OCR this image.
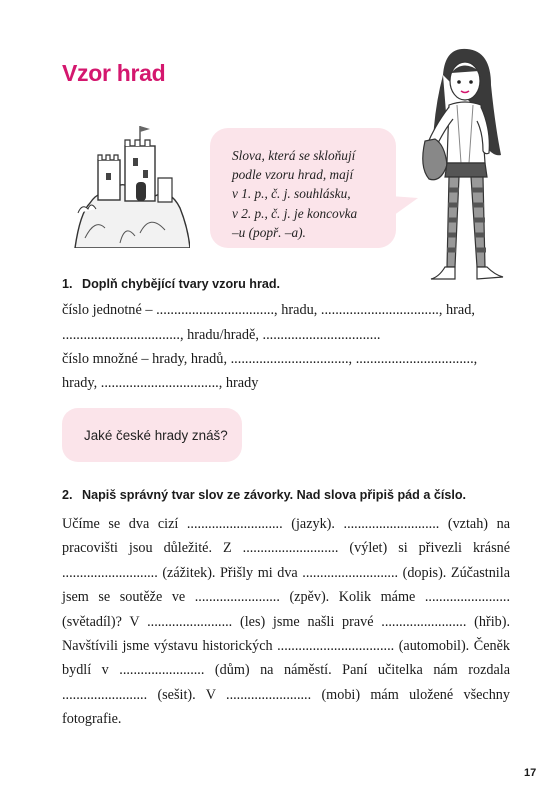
Vzor hrad
Slova, která se skloňují
podle vzoru hrad, mají
v 1. p., č. j. souhlásku,
v 2. p., č. j. je koncovka
–u (popř. –a).
1. Doplň chybějící tvary vzoru hrad.
číslo jednotné – ................................., hradu, ................................., hrad,
................................., hradu/hradě, .................................
číslo množné – hrady, hradů, ................................., .................................,
hrady, ................................., hrady
Jaké české hrady znáš?
2. Napiš správný tvar slov ze závorky. Nad slova připiš pád a číslo.
Učíme se dva cizí ........................... (jazyk). ........................... (vztah) na pracovišti jsou důležité. Z ........................... (výlet) si přivezli krásné ........................... (zážitek). Přišly mi dva ........................... (dopis). Zúčastnila jsem se soutěže ve ........................ (zpěv). Kolik máme ........................ (světadíl)? V ........................ (les) jsme našli pravé ........................ (hřib). Navštívili jsme výstavu historických ................................. (automobil). Čeněk bydlí v ........................ (dům) na náměstí. Paní učitelka nám rozdala ........................ (sešit). V ........................ (mobi) mám uložené všechny fotografie.
17
